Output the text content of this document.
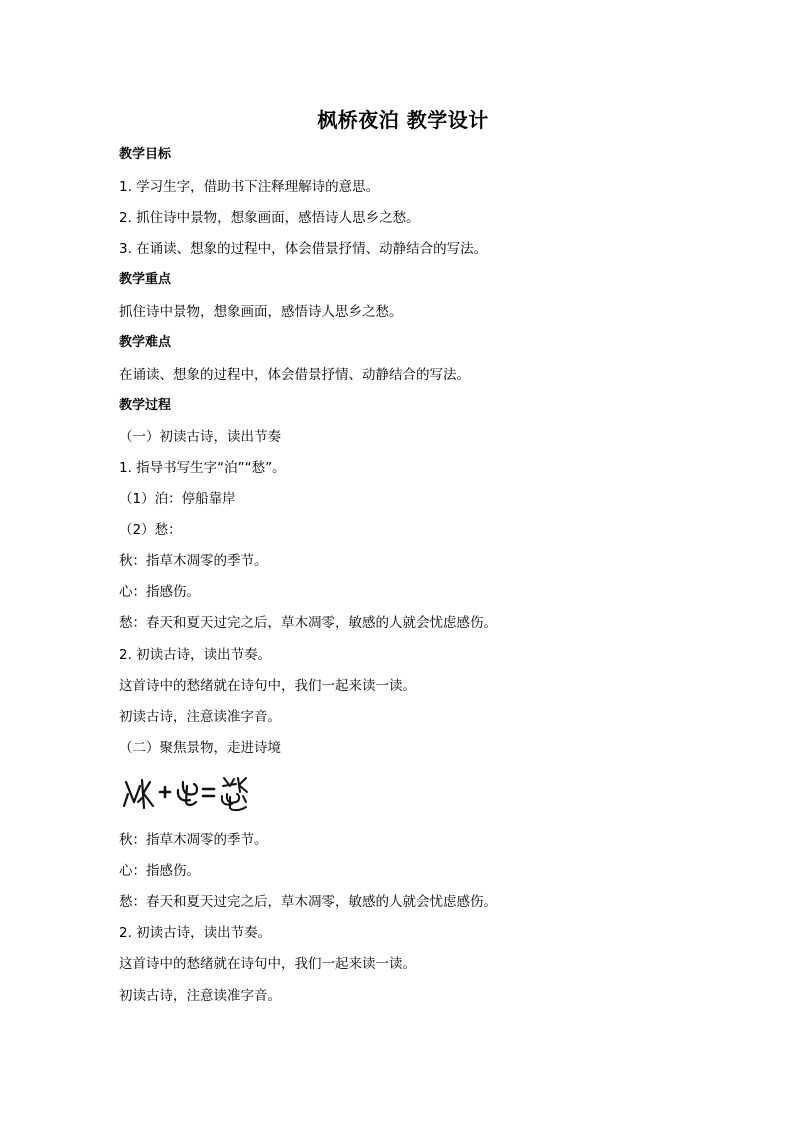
枫桥夜泊 教学设计
教学目标
1. 学习生字，借助书下注释理解诗的意思。
2. 抓住诗中景物，想象画面，感悟诗人思乡之愁。
3. 在诵读、想象的过程中，体会借景抒情、动静结合的写法。
教学重点
抓住诗中景物，想象画面，感悟诗人思乡之愁。
教学难点
在诵读、想象的过程中，体会借景抒情、动静结合的写法。
教学过程
（一）初读古诗，读出节奏
1. 指导书写生字“泊”“愁”。
（1）泊：停船靠岸
（2）愁：
秋：指草木凋零的季节。
心：指感伤。
愁：春天和夏天过完之后，草木凋零，敏感的人就会忧虑感伤。
2. 初读古诗，读出节奏。
这首诗中的愁绪就在诗句中，我们一起来读一读。
初读古诗，注意读准字音。
（二）聚焦景物，走进诗境
秋：指草木凋零的季节。
心：指感伤。
愁：春天和夏天过完之后，草木凋零，敏感的人就会忧虑感伤。
2. 初读古诗，读出节奏。
这首诗中的愁绪就在诗句中，我们一起来读一读。
初读古诗，注意读准字音。
